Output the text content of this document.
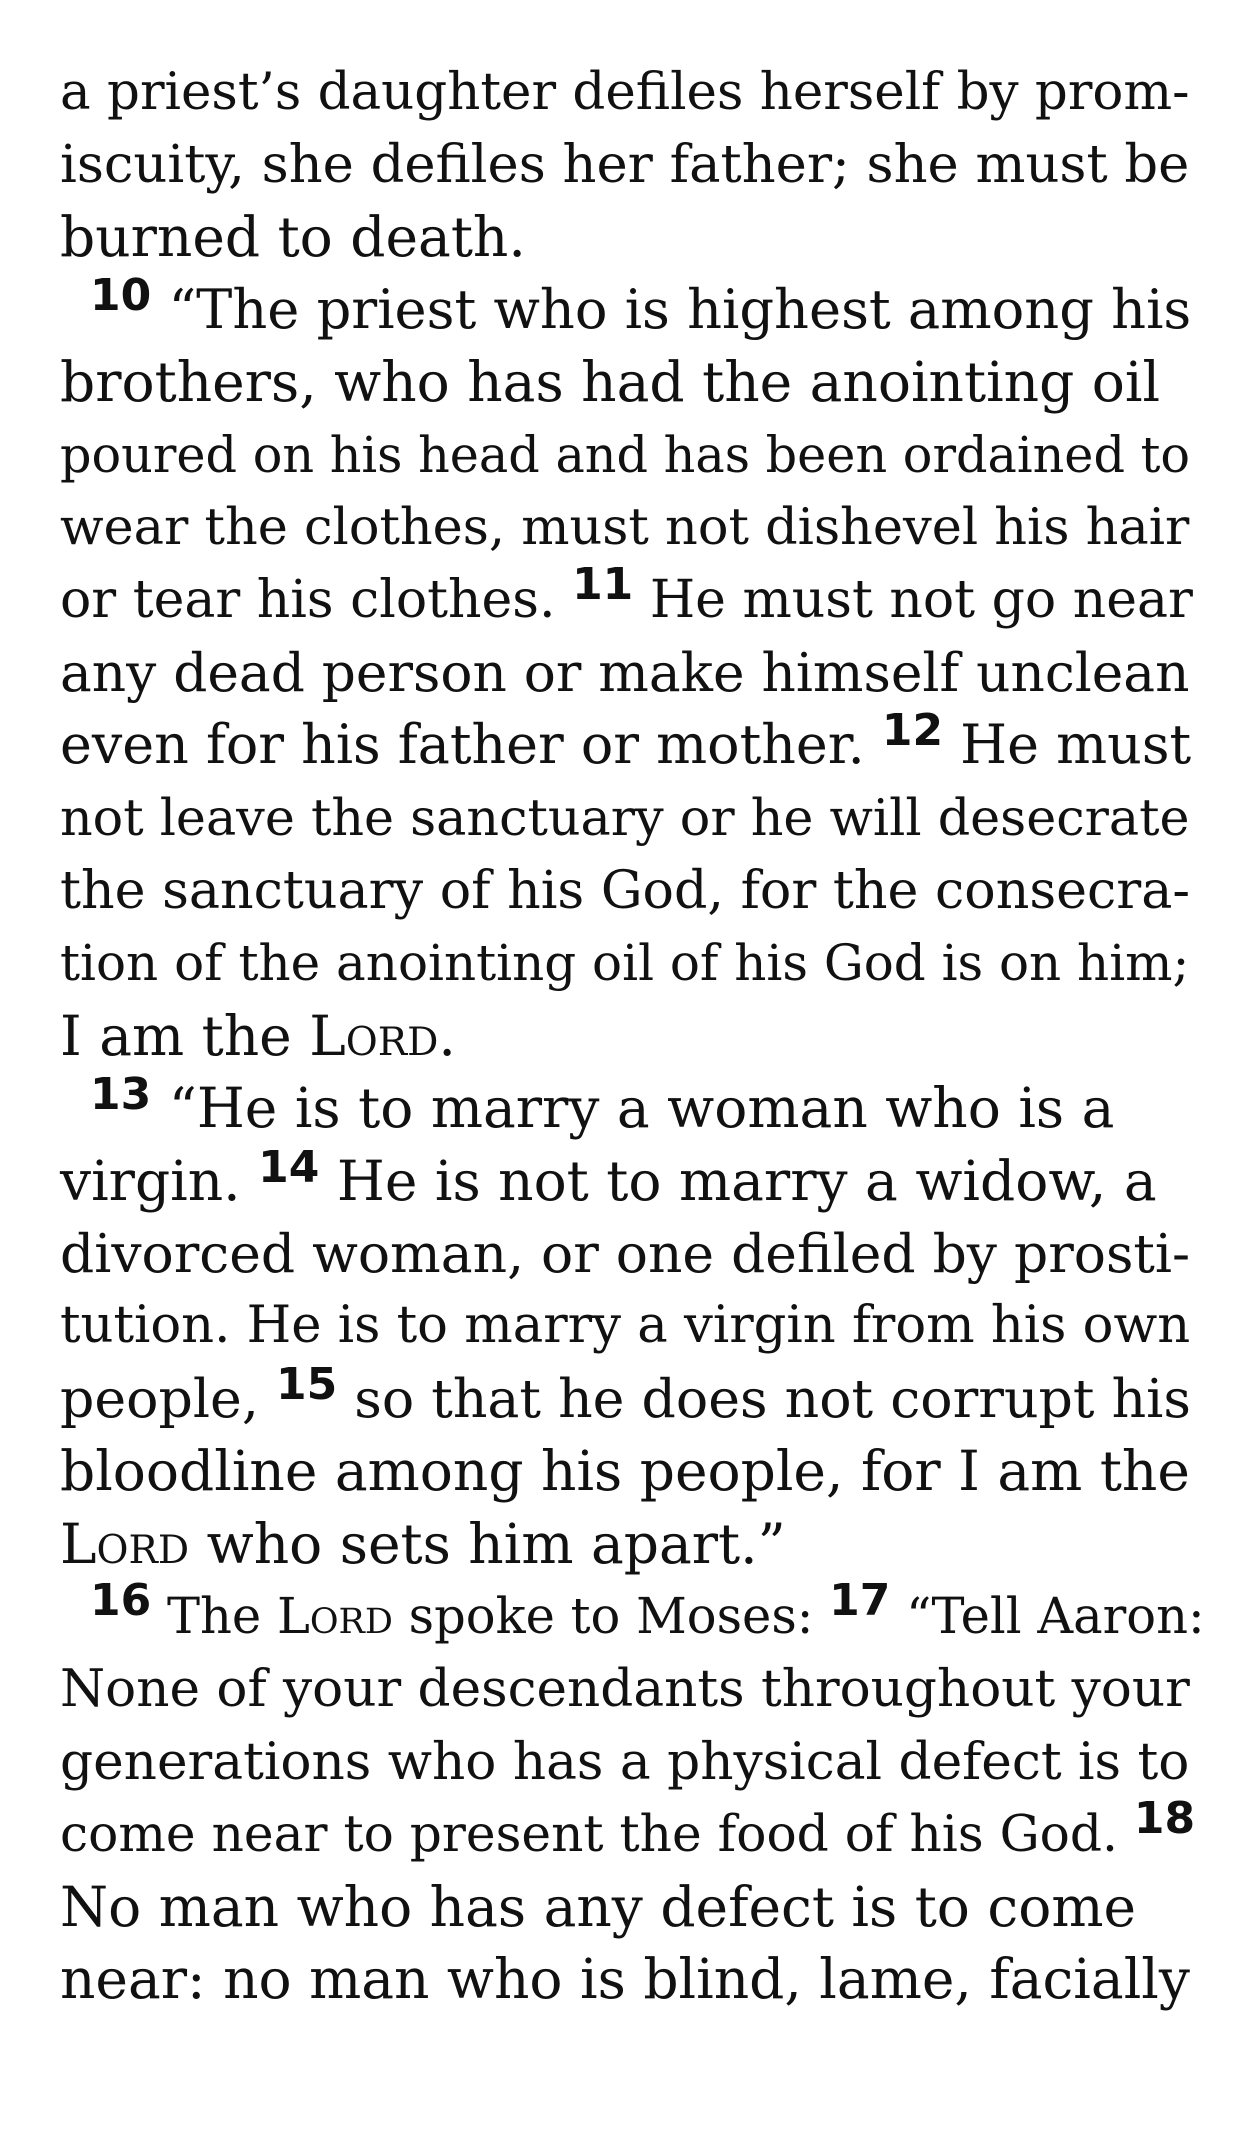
a priest’s daughter defiles herself by prom-
iscuity, she defiles her father; she must be
burned to death.
$^{10}$ “The priest who is highest among his
brothers, who has had the anointing oil
poured on his head and has been ordained to
wear the clothes, must not dishevel his hair
or tear his clothes. $^{11}$ He must not go near
any dead person or make himself unclean
even for his father or mother. $^{12}$ He must
not leave the sanctuary or he will desecrate
the sanctuary of his God, for the consecra-
tion of the anointing oil of his God is on him;
I am the Lord.
$^{13}$ “He is to marry a woman who is a
virgin. $^{14}$ He is not to marry a widow, a
divorced woman, or one defiled by prosti-
tution. He is to marry a virgin from his own
people, $^{15}$ so that he does not corrupt his
bloodline among his people, for I am the
Lord who sets him apart.”
16 The Lord spoke to Moses: 17 “Tell Aaron:
None of your descendants throughout your
generations who has a physical defect is to
come near to present the food of his God. 18
No man who has any defect is to come
near: no man who is blind, lame, facially
